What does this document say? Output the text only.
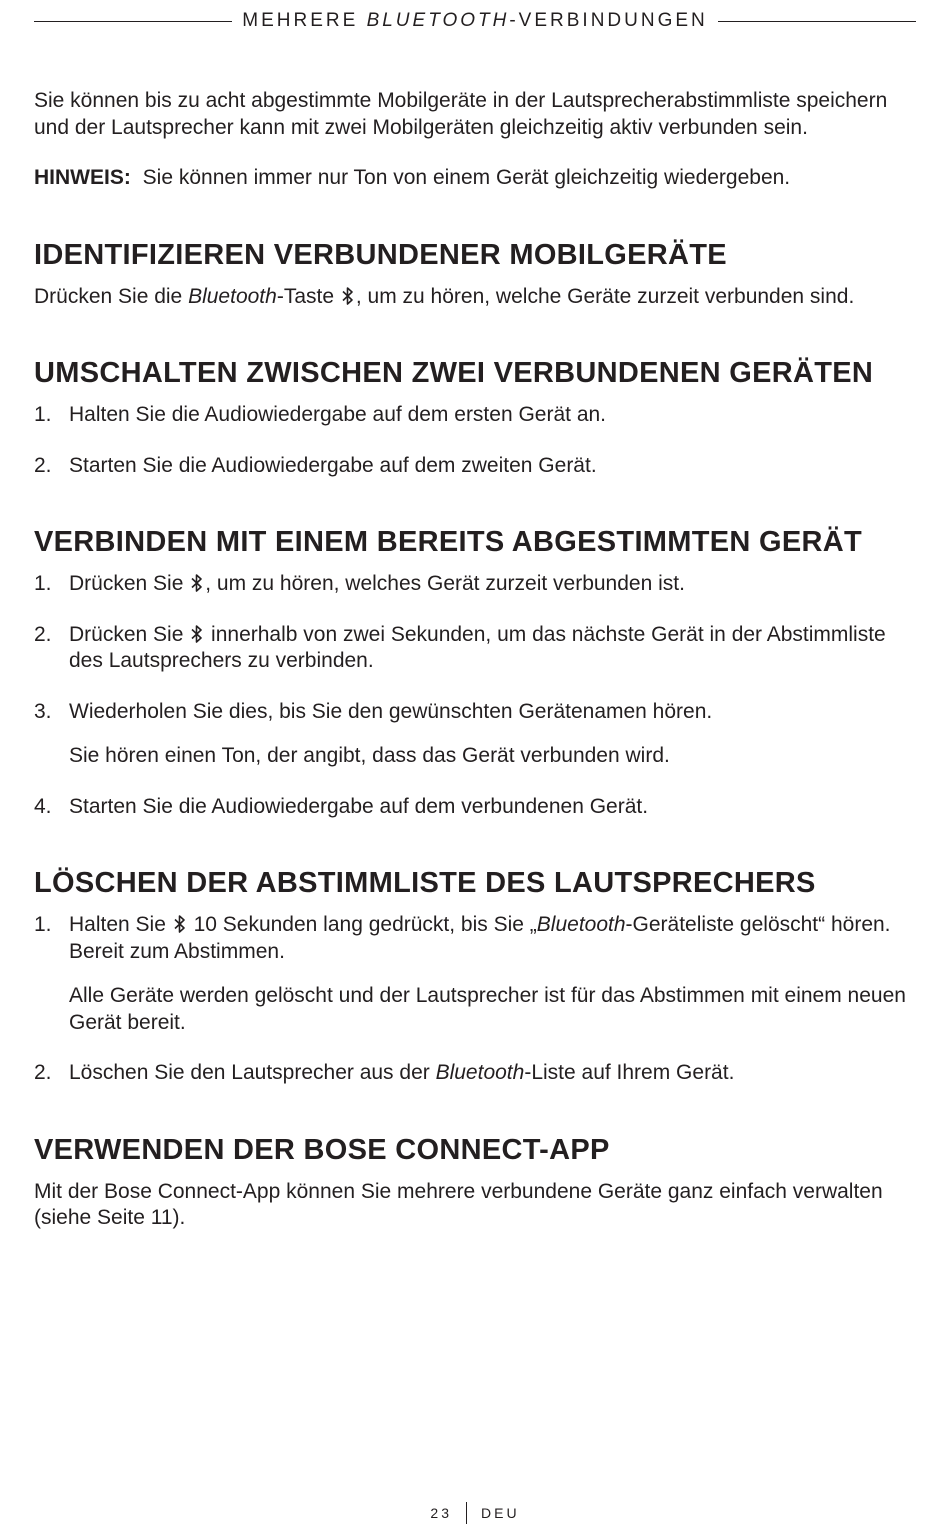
MEHRERE BLUETOOTH-VERBINDUNGEN

Sie können bis zu acht abgestimmte Mobilgeräte in der Lautsprecherabstimmliste speichern und der Lautsprecher kann mit zwei Mobilgeräten gleichzeitig aktiv verbunden sein.

HINWEIS: Sie können immer nur Ton von einem Gerät gleichzeitig wiedergeben.

IDENTIFIZIEREN VERBUNDENER MOBILGERÄTE

Drücken Sie die Bluetooth-Taste , um zu hören, welche Geräte zurzeit verbunden sind.

UMSCHALTEN ZWISCHEN ZWEI VERBUNDENEN GERÄTEN
1. Halten Sie die Audiowiedergabe auf dem ersten Gerät an.
2. Starten Sie die Audiowiedergabe auf dem zweiten Gerät.
VERBINDEN MIT EINEM BEREITS ABGESTIMMTEN GERÄT
1. Drücken Sie , um zu hören, welches Gerät zurzeit verbunden ist.
2. Drücken Sie  innerhalb von zwei Sekunden, um das nächste Gerät in der Abstimmliste des Lautsprechers zu verbinden.
3. Wiederholen Sie dies, bis Sie den gewünschten Gerätenamen hören.
Sie hören einen Ton, der angibt, dass das Gerät verbunden wird.
4. Starten Sie die Audiowiedergabe auf dem verbundenen Gerät.
LÖSCHEN DER ABSTIMMLISTE DES LAUTSPRECHERS
1. Halten Sie  10 Sekunden lang gedrückt, bis Sie „Bluetooth-Geräteliste gelöscht“ hören. Bereit zum Abstimmen.
Alle Geräte werden gelöscht und der Lautsprecher ist für das Abstimmen mit einem neuen Gerät bereit.
2. Löschen Sie den Lautsprecher aus der Bluetooth-Liste auf Ihrem Gerät.
VERWENDEN DER BOSE CONNECT-APP

Mit der Bose Connect-App können Sie mehrere verbundene Geräte ganz einfach verwalten (siehe Seite 11).

23 DEU
